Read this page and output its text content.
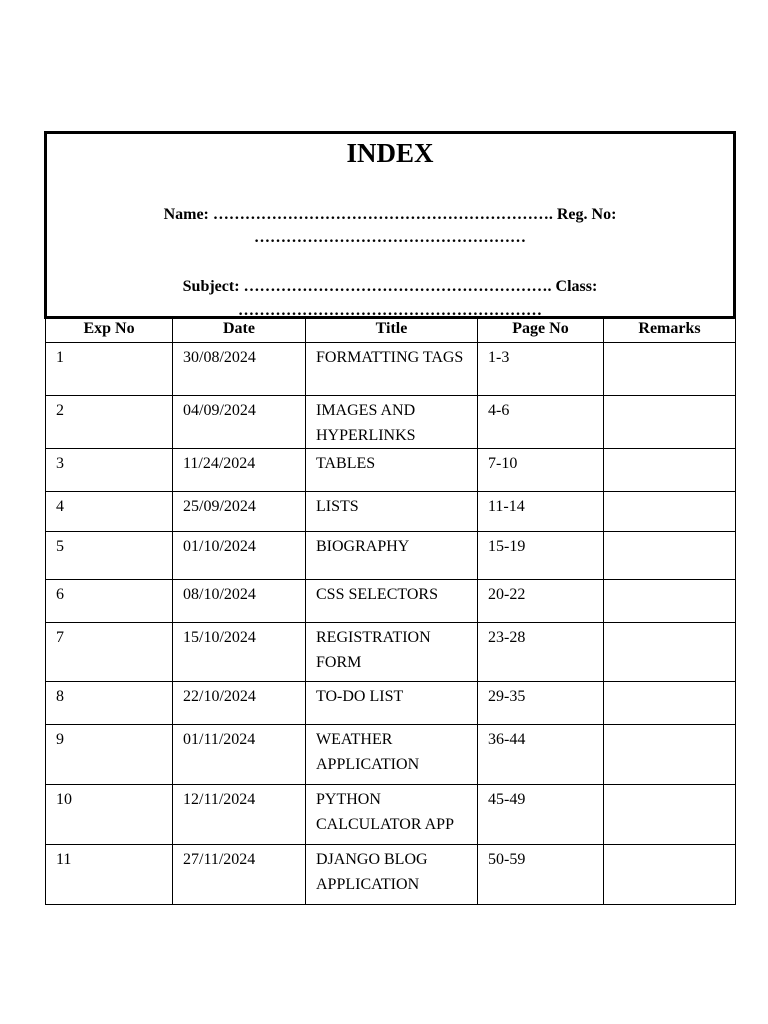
INDEX
Name: ………………………………………………………. Reg. No:
……………………………………………
Subject: …………………………………………………. Class:
…………………………………………………
Exp No	Date	Title	Page No	Remarks
1	30/08/2024	FORMATTING TAGS	1-3	
2	04/09/2024	IMAGES AND HYPERLINKS	4-6	
3	11/24/2024	TABLES	7-10	
4	25/09/2024	LISTS	11-14	
5	01/10/2024	BIOGRAPHY	15-19	
6	08/10/2024	CSS SELECTORS	20-22	
7	15/10/2024	REGISTRATION FORM	23-28	
8	22/10/2024	TO-DO LIST	29-35	
9	01/11/2024	WEATHER APPLICATION	36-44	
10	12/11/2024	PYTHON CALCULATOR APP	45-49	
11	27/11/2024	DJANGO BLOG APPLICATION	50-59	
